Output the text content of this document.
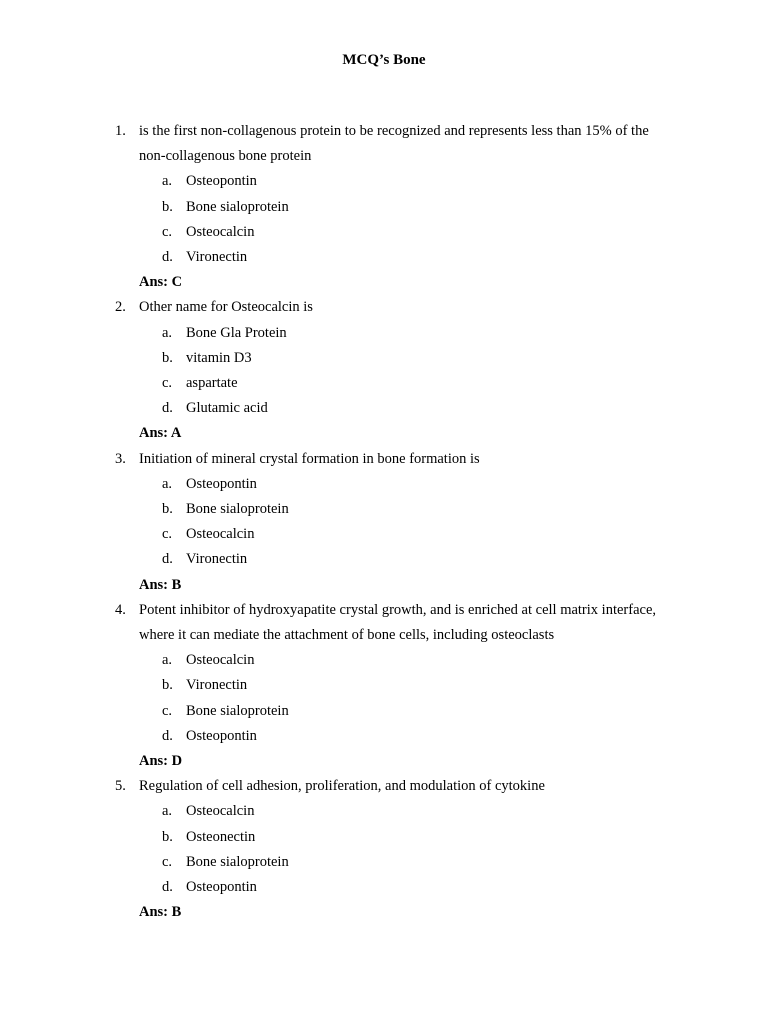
MCQ’s Bone
1. is the first non-collagenous protein to be recognized and represents less than 15% of the non-collagenous bone protein

a. Osteopontin
b. Bone sialoprotein
c. Osteocalcin
d. Vironectin
Ans: C
2. Other name for Osteocalcin is

a. Bone Gla Protein
b. vitamin D3
c. aspartate
d. Glutamic acid
Ans: A
3. Initiation of mineral crystal formation in bone formation is

a. Osteopontin
b. Bone sialoprotein
c. Osteocalcin
d. Vironectin
Ans: B
4. Potent inhibitor of hydroxyapatite crystal growth, and is enriched at cell matrix interface, where it can mediate the attachment of bone cells, including osteoclasts

a. Osteocalcin
b. Vironectin
c. Bone sialoprotein
d. Osteopontin
Ans: D
5. Regulation of cell adhesion, proliferation, and modulation of cytokine

a. Osteocalcin
b. Osteonectin
c. Bone sialoprotein
d. Osteopontin
Ans: B
